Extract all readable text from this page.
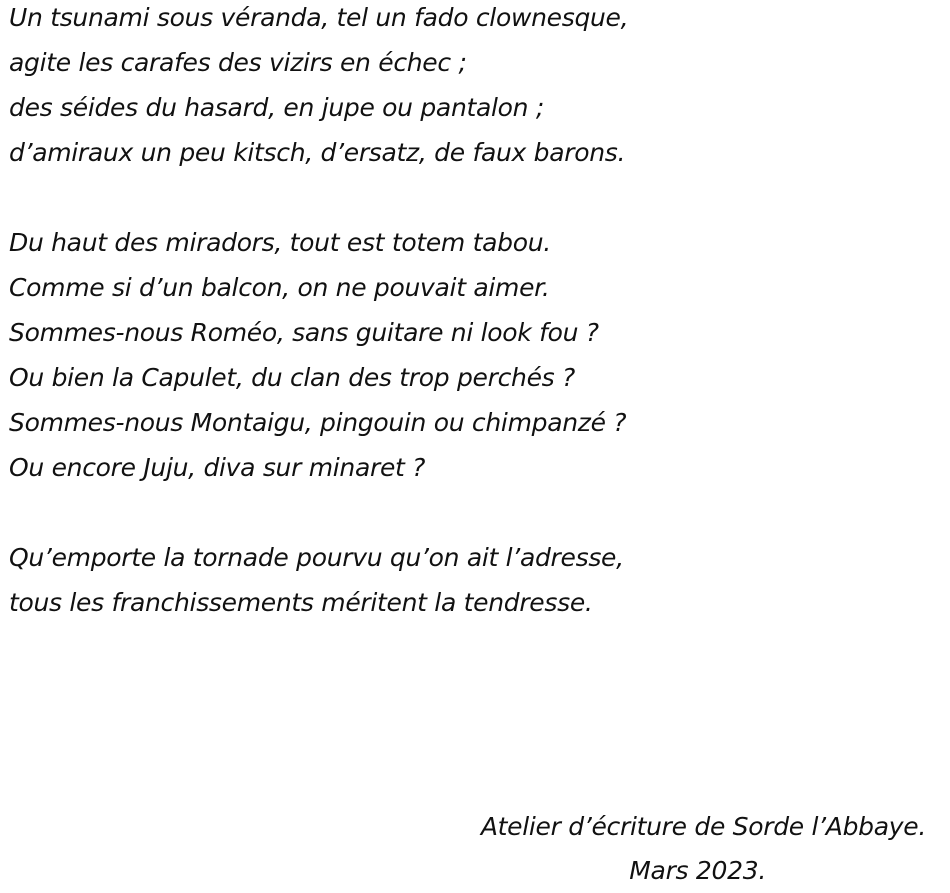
Un tsunami sous véranda, tel un fado clownesque,
agite les carafes des vizirs en échec ;
des séides du hasard, en jupe ou pantalon ;
d’amiraux un peu kitsch, d’ersatz, de faux barons.
Du haut des miradors, tout est totem tabou.
Comme si d’un balcon, on ne pouvait aimer.
Sommes-nous Roméo, sans guitare ni look fou ?
Ou bien la Capulet, du clan des trop perchés ?
Sommes-nous Montaigu, pingouin ou chimpanzé ?
Ou encore Juju, diva sur minaret ?
Qu’emporte la tornade pourvu qu’on ait l’adresse,
tous les franchissements méritent la tendresse.
Atelier d’écriture de Sorde l’Abbaye.
Mars 2023.
